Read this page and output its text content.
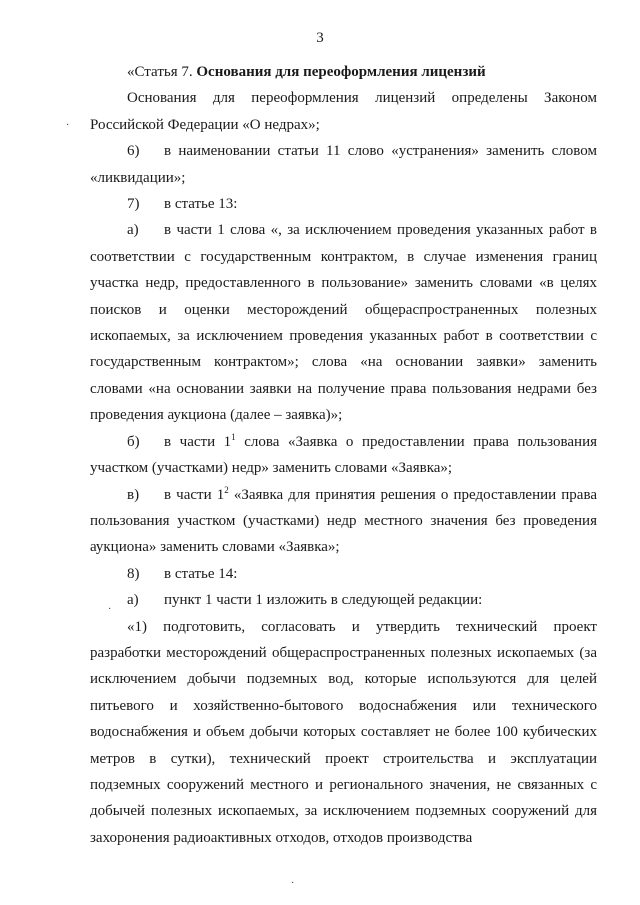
3

«Статья 7. Основания для переоформления лицензий

Основания для переоформления лицензий определены Законом Российской Федерации «О недрах»;

6) в наименовании статьи 11 слово «устранения» заменить словом «ликвидации»;

7) в статье 13:

а) в части 1 слова «, за исключением проведения указанных работ в соответствии с государственным контрактом, в случае изменения границ участка недр, предоставленного в пользование» заменить словами «в целях поисков и оценки месторождений общераспространенных полезных ископаемых, за исключением проведения указанных работ в соответствии с государственным контрактом»; слова «на основании заявки» заменить словами «на основании заявки на получение права пользования недрами без проведения аукциона (далее – заявка)»;

б) в части $1^1$ слова «Заявка о предоставлении права пользования участком (участками) недр» заменить словами «Заявка»;

в) в части $1^2$ «Заявка для принятия решения о предоставлении права пользования участком (участками) недр местного значения без проведения аукциона» заменить словами «Заявка»;

8) в статье 14:

а) пункт 1 части 1 изложить в следующей редакции:

«1) подготовить, согласовать и утвердить технический проект разработки месторождений общераспространенных полезных ископаемых (за исключением добычи подземных вод, которые используются для целей питьевого и хозяйственно-бытового водоснабжения или технического водоснабжения и объем добычи которых составляет не более 100 кубических метров в сутки), технический проект строительства и эксплуатации подземных сооружений местного и регионального значения, не связанных с добычей полезных ископаемых, за исключением подземных сооружений для захоронения радиоактивных отходов, отходов производства

·
·
·
